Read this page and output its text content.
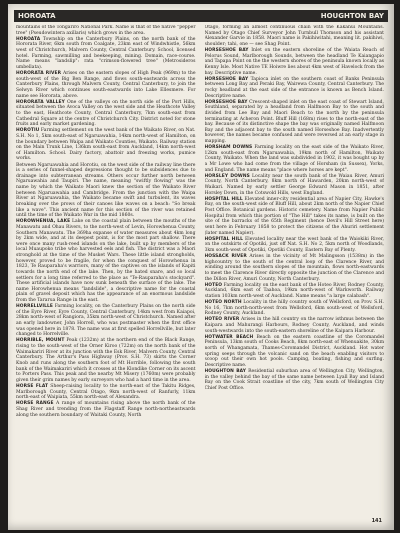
HOROATA	HOUGHTON BAY

mountains of the Tongariro National Park. Name is that of the native "pepper tree" (Pseudowintera axillaris) which grows in the area.

HOROATA Township on the Canterbury Plains, on the north bank of the Hororata River, 6km south from Coalgate, 23km east of Windwhistle, 56km west of Christchurch, Malvern County, Central Canterbury. School, licensed hotel. Farming, sawmilling and beekeeping, mining. Domain, race-course. Name means "landslip": rata "crimson-flowered tree" (Metrosideros umbellata).

HORORATA RIVER Arises on the eastern slopes of High Peak (969m) to the south-west of the Big Ben Range, and flows south-eastwards across the Canterbury Plains, through Malvern County, Central Canterbury, to join the Selwyn River which continues south-eastwards into Lake Ellesmere. For name see Hororata, above.

HORORATA VALLEY One of the valleys on the north side of the Port Hills, situated between the Avoca Valley on the west side and the Heathcote Valley to the east, Heathcote County, Central Canterbury, 7km south-east from Cathedral Square at the centre of Christchurch City. District noted for stone fruits and early market gardening.

HOROTIU Farming settlement on the west bank of the Waikato River, on Nat. S.H. No 1, 5km south-east of Ngaruawahia, 14km north-west of Hamilton, on the boundary between Waipa and Waikato Counties, Waikato. Railway station on the Main Trunk Line, 136km south-east from Auckland, 14km north-west of Hamilton. School. Dairy factory, abattoir and freezing works, pumice works.

Between Ngaruawahia and Horotiu, on the west side of the railway line there is a series of funnel-shaped depressions thought to be subsidences due to drainage into subterranean streams. Others occur further north between Ngaruawahia and Taupiri. The name, meaning "swiftly flowing" was the name by which the Waikato Maori knew the section of the Waikato River between Ngaruawahia and Cambridge. From the junction with the Waipa River at Ngaruawahia, the Waikato became swift and turbulent, its waves breaking over the prows of their canoes like waves on a beach: "So break like a wave". This ancient name for this section of the river was retained until the time of the Waikato War in the mid 1860s.

HOROWHENUA, LAKE Lake on the coastal plain between the mouths of the Manawatu and Ohau Rivers, to the north-west of Levin, Horowhenua County, Southern Manawatu. The 369ha expanse of water measures about 4km long by 2km wide, and at its deepest point, is for the most part shallow. There were once many rush-reed islands on the lake, built up by members of the local Muaupoko tribe who harvested eels and fish. The district was a Maori stronghold at the time of the Musket Wars. These little island strongholds, however, proved to be fragile, for when the conquest of Horowhenua in 1823, Te Rauparaha's warriors, many of the captives on the islands of Kapiti towards the north end of the lake. Then, by the hated snare, and so local settlers for a long time referred to the place as "Te-Rauparaha's stockyard". These artificial islands have now sunk beneath the surface of the lake. The name Horowhenua means "landslide", a descriptive name for the coastal plain of gravel deposit which has the appearance of an enormous landslide from the Tararua Range in the east.

HORRELLVILLE Farming locality, on the Canterbury Plains on the north side of the Eyre River, Eyre County, Central Canterbury, 14km west from Kaiapoi, 28km north-west of Rangiora, 35km north-west of Christchurch. Named after an early landowner, John Horrell, who was postmaster when the first office was opened here in 1878. The name was at first spelled Horrellville, but later changed to Horrelville.

HORRIBLE, MOUNT Peak (1232m) at the northern end of the Black Range, rising to the south-west of the Orner Kiroo (722m) on the north bank of the Waimakariri River at its junction with the Esk River, Malvern County, Central Canterbury. The Arthur's Pass Highway (Prov. S.H. 73) skirts the Corner Knob and runs along the southern foot of Mt Horrible, following the south bank of the Waimakariri which it crosses at the Klondike Corner on its ascent to Porters Pass. This peak and the nearby Mt Misery (1760m) were probably given their grim names by early surveyors who had a hard time in the area.

HORSE FLAT Sheep-raising locality to the north-east of the Takitu Ridges, Marlborough County, Central Otago, 9km north-west of Ranfurly, 11km north-east of Waipiata, 55km north-east of Alexandra.

HORSE RANGE A range of mountains rising above the north bank of the Shag River and trending from the Flagstaff Range north-northeastwards along the southern boundary of Waitaki County, North

Otago, forming an almost continuous chain with the Kakanui Mountains. Named by Otago Chief Surveyor John Turnbull Thomson and his assistant Alexander Garvie in 1858. Maori name is Pakihiwitahi, meaning lit. pakihiwi, shoulder; tahi, one — see Shag Point.

HORSESHOE BAY Inlet on the eastern shoreline of the Waiata Reach of Pelorus Sound, Marlborough Sounds, between the headland Te Kaiangapio and Tapapa Point on the the western shores of the peninsula known locally as Kenny Isle. Most Native TE Hoiwre lies about 4km west of Havelock from the bay. Descriptive name.

HORSESHOE BAY Tapioca inlet on the southern coast of Banks Peninsula between Long Bay and Peraki Bay, Wairewa County, Central Canterbury. The rocky headland at the east side of the entrance is known as Bench Island. Descriptive name.

HORSESHOE BAY Crescent-shaped inlet on the east coast of Stewart Island, Southland, separated by a headland from Halfmoon Bay to the south and divided from Lee Bay and Maori Beach to the north by the peninsula terminating at Acheron Point. Bluff Hill (168m) rises to the north-east of the bay. Because of its distinctive shape the bay was originally named Halfmoon Bay and the adjacent bay to the south named Horseshoe Bay. Inadvertently however, the names became confused and were reversed at an early stage in mapping.

HORSHAM DOWNS Farming locality on the east side of the Waikato River, 12km south-east from Ngaruawahia, 19km north of Hamilton, Waikato County, Waikato. When the land was subdivided in 1902, it was bought up by a Mr Lowe who had come from the village of Horsham (in Sussex), Yorks, and England. The name means "place where horses are kept".

HORSLEY DOWNS Locality near the south bank of the Waiau River, Amuri County, North Canterbury, 8km north of Hawarden, 20km north-west of Waikari. Named by early settler George Edward Mason in 1851, after Horsley Down, in the Cotswold Hills, west England.

HOSPITAL HILL Elevated inner-city residential area of Napier City, Hawke's Bay, on the south-west side of Bluff Hill, about 2km north of the Napier Chief Post Office. Botanical gardens. Historic cemetery. Name from Napier Public Hospital from which this portion of "The Hill" takes its name, is built on the site of the barracks of the 65th Regiment (hence Devil's Hill Street here) sent here in February 1858 to protect the citizens of the Ahuriri settlement (later named Napier).

HOSPITAL HILL Elevated locality near the west bank of the Waiokiki River, on the outskirts of Opotiki, just off Nat. S.H. No 2, 5km north of Woodlands, 3km south-west of Opotiki, Opotiki County, Eastern Bay of Plenty.

HOSSACK RIVER Arises in the vicinity of Mt Malingsson (1538m) in the highcountry to the south of the central loop of the Clarence River, and winding around the southern slopes of the mountain, flows north-eastwards to meet the Clarence River directly opposite the junction of the Clarence and the Dillon River, Amuri County, North Canterbury.

HOTEO Farming locality on the east bank of the Hoteo River, Rodney County, Auckland, 6km east of Taahoa, 19km north-west of Warkworth. Railway station 103km north-west of Auckland. Name means "a large calabash".

HOTEO NORTH Locality in the hilly country south of Wellsford, on Prov. S.H. No 16, 7km north-north-west from Wellsford, 6km south-west of Wellsford, Rodney County, Auckland.

HOTEO RIVER Arises in the hill country on the narrow isthmus between the Kaipara and Mahurangi Harbours, Rodney County, Auckland, and winds south-westwards into the south-eastern shoreline of the Kaipara Harbour.

HOTWATER BEACH Beach on the eastern coastline of the Coromandel Peninsula, 13km south of Cooks Beach, 8km north-east of Whenuakite, 30km north of Whangamata, Thames-Coromandel District, Auckland. Hot water spring seeps through the volcanic sand on the beach enabling visitors to scoop out their own hot pools. Camping, boating, fishing and surfing. Descriptive name.

HOUGHTON BAY Residential suburban area of Wellington City, Wellington, in the valley behind the bay of the same name between Lyall Bay and Island Bay on the Cook Strait coastline of the city, 7km south of Wellington City Chief Post Office.

141
